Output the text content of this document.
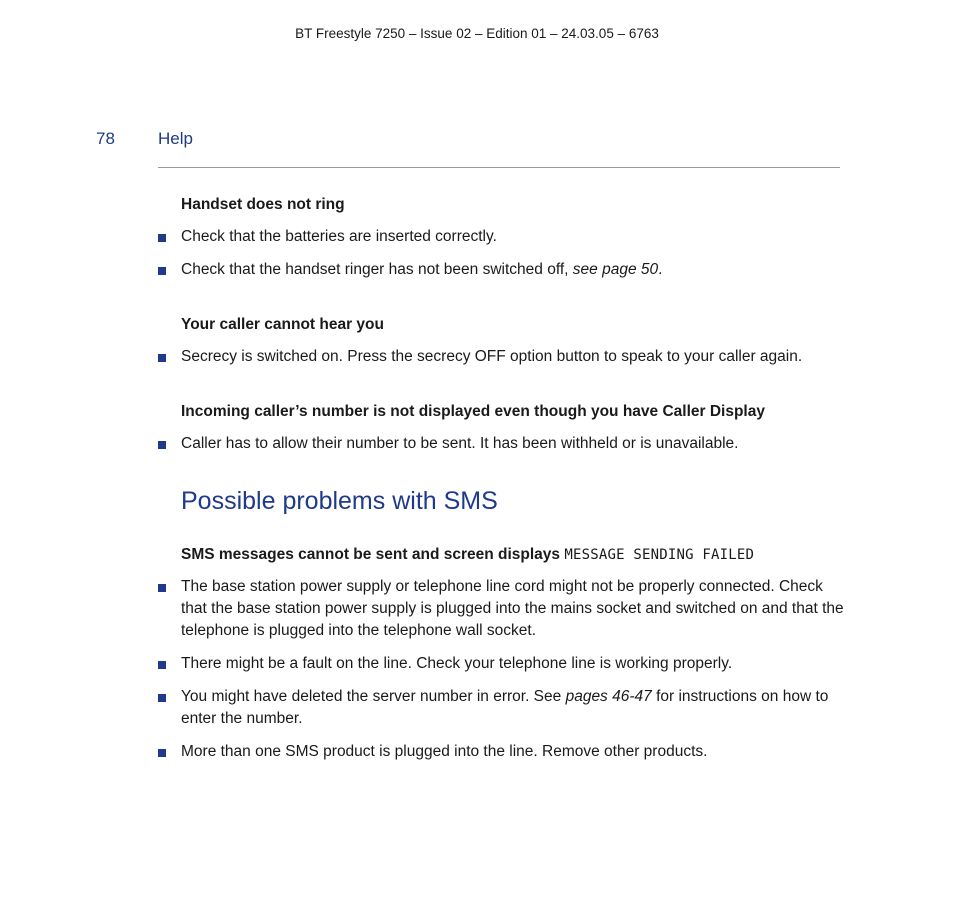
BT Freestyle 7250 – Issue 02 – Edition 01 – 24.03.05 – 6763
78	Help
Handset does not ring
Check that the batteries are inserted correctly.
Check that the handset ringer has not been switched off, see page 50.
Your caller cannot hear you
Secrecy is switched on. Press the secrecy OFF option button to speak to your caller again.
Incoming caller’s number is not displayed even though you have Caller Display
Caller has to allow their number to be sent. It has been withheld or is unavailable.
Possible problems with SMS
SMS messages cannot be sent and screen displays MESSAGE SENDING FAILED
The base station power supply or telephone line cord might not be properly connected. Check that the base station power supply is plugged into the mains socket and switched on and that the telephone is plugged into the telephone wall socket.
There might be a fault on the line. Check your telephone line is working properly.
You might have deleted the server number in error. See pages 46-47 for instructions on how to enter the number.
More than one SMS product is plugged into the line. Remove other products.
